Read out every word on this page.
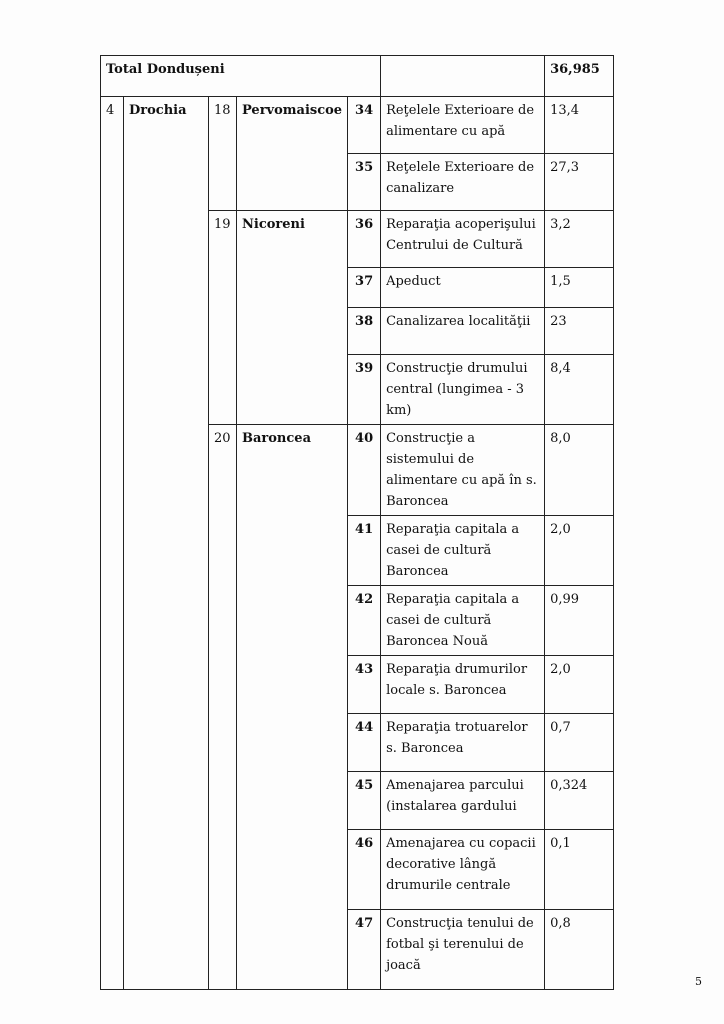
Total Dondușeni						36,985
4	Drochia	18	Pervomaiscoe	34	Reţelele Exterioare de alimentare cu apă	13,4
				35	Reţelele Exterioare de canalizare	27,3
		19	Nicoreni	36	Reparaţia acoperişului Centrului de Cultură	3,2
				37	Apeduct	1,5
				38	Canalizarea localităţii	23
				39	Construcţie drumului central (lungimea - 3 km)	8,4
		20	Baroncea	40	Construcţie a sistemului de alimentare cu apă în s. Baroncea	8,0
				41	Reparaţia capitala a casei de cultură Baroncea	2,0
				42	Reparaţia capitala a casei de cultură Baroncea Nouă	0,99
				43	Reparaţia drumurilor locale s. Baroncea	2,0
				44	Reparaţia trotuarelor s. Baroncea	0,7
				45	Amenajarea parcului (instalarea gardului	0,324
				46	Amenajarea cu copacii decorative lângă drumurile centrale	0,1
				47	Construcţia tenului de fotbal şi terenului de joacă	0,8
5
